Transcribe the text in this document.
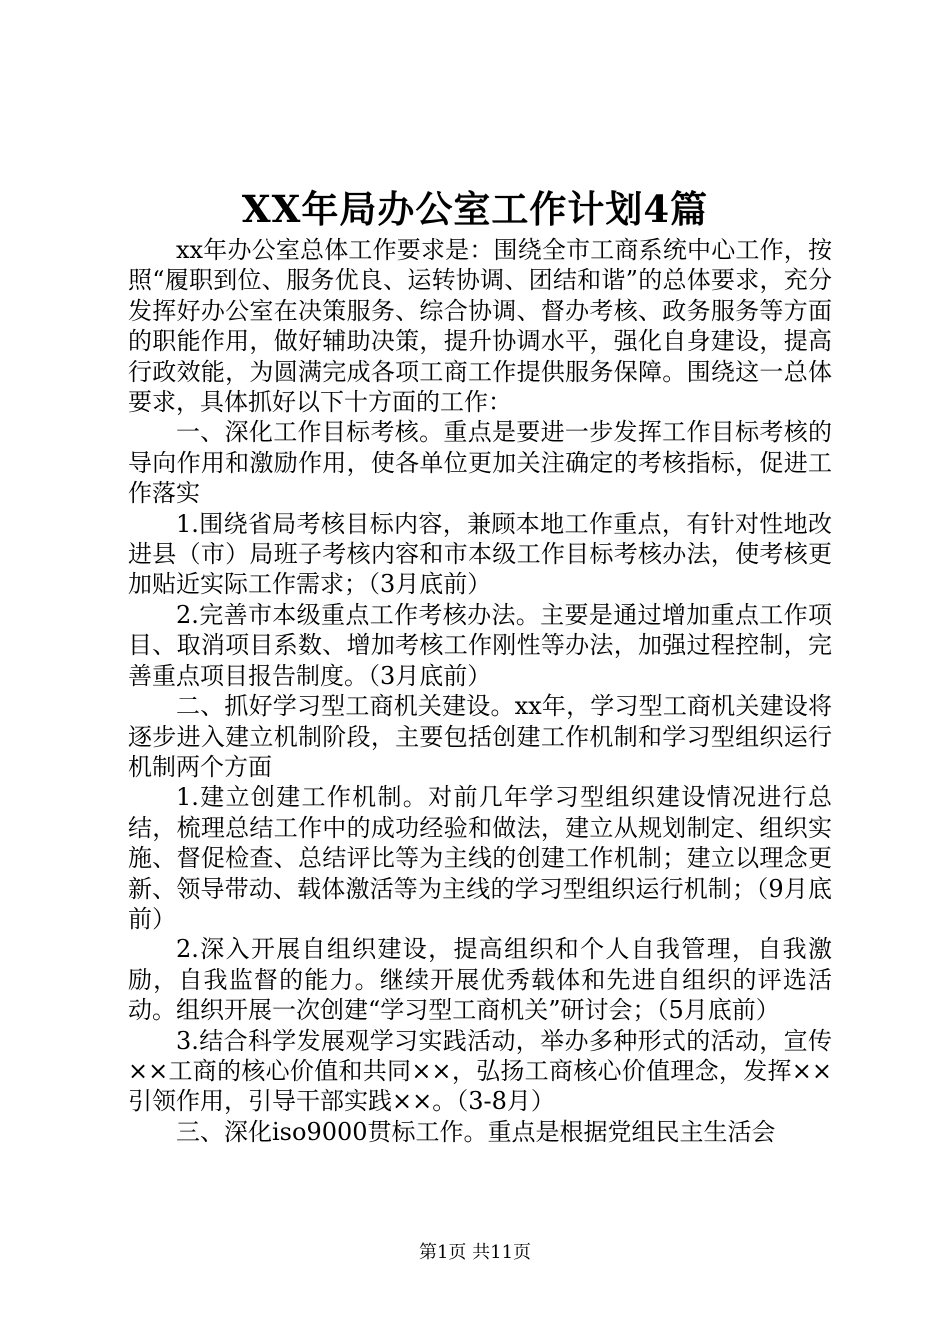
XX年局办公室工作计划4篇

xx年办公室总体工作要求是：围绕全市工商系统中心工作，按照“履职到位、服务优良、运转协调、团结和谐”的总体要求，充分发挥好办公室在决策服务、综合协调、督办考核、政务服务等方面的职能作用，做好辅助决策，提升协调水平，强化自身建设，提高行政效能，为圆满完成各项工商工作提供服务保障。围绕这一总体要求，具体抓好以下十方面的工作：

一、深化工作目标考核。重点是要进一步发挥工作目标考核的导向作用和激励作用，使各单位更加关注确定的考核指标，促进工作落实

1.围绕省局考核目标内容，兼顾本地工作重点，有针对性地改进县（市）局班子考核内容和市本级工作目标考核办法，使考核更加贴近实际工作需求；（3月底前）

2.完善市本级重点工作考核办法。主要是通过增加重点工作项目、取消项目系数、增加考核工作刚性等办法，加强过程控制，完善重点项目报告制度。（3月底前）

二、抓好学习型工商机关建设。xx年，学习型工商机关建设将逐步进入建立机制阶段，主要包括创建工作机制和学习型组织运行机制两个方面

1.建立创建工作机制。对前几年学习型组织建设情况进行总结，梳理总结工作中的成功经验和做法，建立从规划制定、组织实施、督促检查、总结评比等为主线的创建工作机制；建立以理念更新、领导带动、载体激活等为主线的学习型组织运行机制；（9月底前）

2.深入开展自组织建设，提高组织和个人自我管理，自我激励，自我监督的能力。继续开展优秀载体和先进自组织的评选活动。组织开展一次创建“学习型工商机关”研讨会；（5月底前）

3.结合科学发展观学习实践活动，举办多种形式的活动，宣传××工商的核心价值和共同××，弘扬工商核心价值理念，发挥××引领作用，引导干部实践××。（3-8月）

三、深化iso9000贯标工作。重点是根据党组民主生活会

第1页 共11页
